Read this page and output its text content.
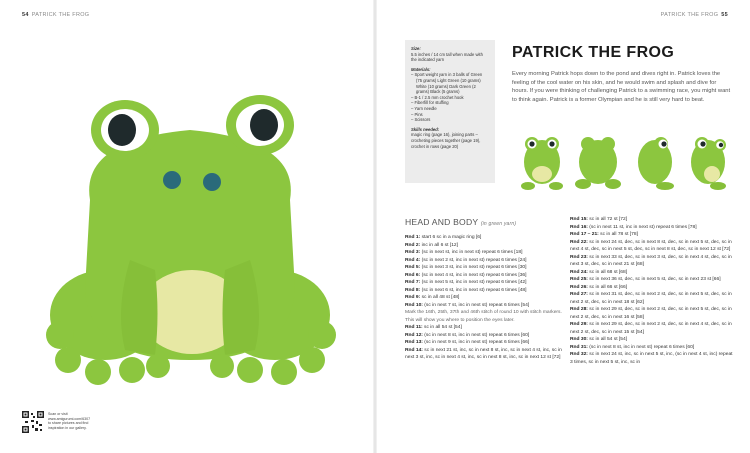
54 PATRICK THE FROG
Scan or visit
www.amigurumi.com/6307
to share pictures and find
inspiration in our gallery.
PATRICK THE FROG 55
Size:
5.5 inches / 14 cm tall when made with the indicated yarn
Materials:
– Sport weight yarn in 3 balls of Green (75 grams) Light Green (10 grams) White (10 grams) Dark Green (2 grams) Black (5 grams)
– B-1 / 2.5 mm crochet hook
– Fiberfill for stuffing
– Yarn needle
– Pins
– Scissors
Skills needed:
magic ring (page 16), joining parts – crocheting pieces together (page 19), crochet in rows (page 20)
PATRICK THE FROG
Every morning Patrick hops down to the pond and dives right in. Patrick loves the feeling of the cool water on his skin, and he would swim and splash and dive for hours. If you were thinking of challenging Patrick to a swimming race, you might want to think again. Patrick is a former Olympian and he is still very hard to beat.
HEAD AND BODY (in green yarn)
Rnd 1: start 6 sc in a magic ring [6]
Rnd 2: inc in all 6 st [12]
Rnd 3: (sc in next st, inc in next st) repeat 6 times [18]
Rnd 4: (sc in next 2 st, inc in next st) repeat 6 times [24]
Rnd 5: (sc in next 3 st, inc in next st) repeat 6 times [30]
Rnd 6: (sc in next 4 st, inc in next st) repeat 6 times [36]
Rnd 7: (sc in next 5 st, inc in next st) repeat 6 times [42]
Rnd 8: (sc in next 6 st, inc in next st) repeat 6 times [48]
Rnd 9: sc in all 48 st [48]
Rnd 10: (sc in next 7 st, inc in next st) repeat 6 times [54]
Mark the 16th, 25th, 37th and 46th stitch of round 10 with stitch markers. This will show you where to position the eyes later.
Rnd 11: sc in all 54 st [54]
Rnd 12: (sc in next 8 st, inc in next st) repeat 6 times [60]
Rnd 13: (sc in next 9 st, inc in next st) repeat 6 times [66]
Rnd 14: sc in next 21 st, inc, sc in next 8 st, inc, sc in next 4 st, inc, sc in next 3 st, inc, sc in next 4 st, inc, sc in next 8 st, inc, sc in next 12 st [72]
Rnd 15: sc in all 72 st [72]
Rnd 16: (sc in next 11 st, inc in next st) repeat 6 times [78]
Rnd 17 – 21: sc in all 78 st [78]
Rnd 22: sc in next 24 st, dec, sc in next 8 st, dec, sc in next 5 st, dec, sc in next 4 st, dec, sc in next 5 st, dec, sc in next 8 st, dec, sc in next 12 st [72]
Rnd 23: sc in next 33 st, dec, sc in next 3 st, dec, sc in next 4 st, dec, sc in next 3 st, dec, sc in next 21 st [68]
Rnd 24: sc in all 68 st [68]
Rnd 25: sc in next 36 st, dec, sc in next 5 st, dec, sc in next 23 st [66]
Rnd 26: sc in all 66 st [66]
Rnd 27: sc in next 31 st, dec, sc in next 2 st, dec, sc in next 5 st, dec, sc in next 2 st, dec, sc in next 18 st [62]
Rnd 28: sc in next 29 st, dec, sc in next 2 st, dec, sc in next 5 st, dec, sc in next 2 st, dec, sc in next 16 st [58]
Rnd 29: sc in next 29 st, dec, sc in next 2 st, dec, sc in next 4 st, dec, sc in next 2 st, dec, sc in next 15 st [54]
Rnd 30: sc in all 54 st [54]
Rnd 31: (sc in next 8 st, inc in next st) repeat 6 times [60]
Rnd 32: sc in next 24 st, inc, sc in next 5 st, inc, (sc in next 4 st, inc) repeat 3 times, sc in next 5 st, inc, sc in
